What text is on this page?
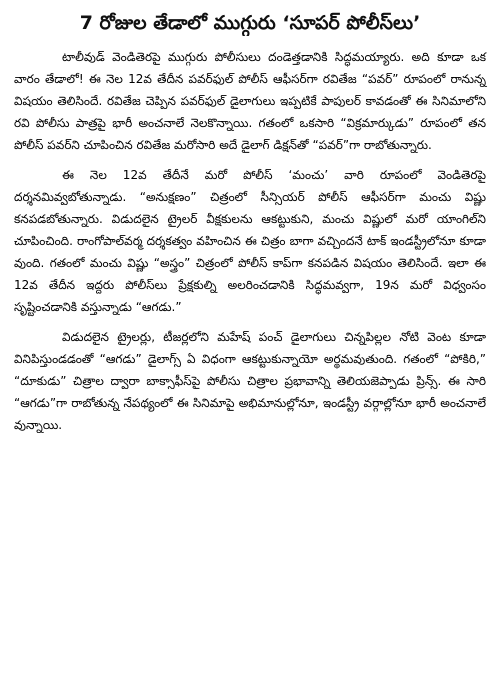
7 రోజుల తేడాలో ముగ్గురు ‘సూపర్ పోలీస్‌లు’

టాలీవుడ్ వెండితెరపై ముగ్గురు పోలీసులు దండెత్తడానికి సిద్ధమయ్యారు. అది కూడా ఒక వారం తేడాలో! ఈ నెల 12వ తేదీన పవర్‌ఫుల్ పోలీస్ ఆఫీసర్‌గా రవితేజ “పవర్” రూపంలో రానున్న విషయం తెలిసిందే. రవితేజ చెప్పిన పవర్‌ఫుల్ డైలాగులు ఇప్పటికే పాపులర్ కావడంతో ఈ సినిమాలోని రవి పోలీసు పాత్రపై భారీ అంచనాలే నెలకొన్నాయి. గతంలో ఒకసారి “విక్రమార్కుడు” రూపంలో తన పోలీస్ పవర్‌ని చూపించిన రవితేజ మరోసారి అదే డైలాగ్ డిక్షన్‌తో “పవర్”గా రాబోతున్నారు.

ఈ నెల 12వ తేదీనే మరో పోలీస్ ‘మంచు’ వారి రూపంలో వెండితెరపై దర్శనమివ్వబోతున్నాడు. “అనుక్షణం” చిత్రంలో సీన్సియర్ పోలీస్ ఆఫీసర్‌గా మంచు విష్ణు కనపడబోతున్నారు. విడుదలైన ట్రైలర్ వీక్షకులను ఆకట్టుకుని, మంచు విష్ణులో మరో యాంగిల్‌ని చూపించింది. రాంగోపాల్‌వర్మ దర్శకత్వం వహించిన ఈ చిత్రం బాగా వచ్చిందనే టాక్ ఇండస్ట్రీలోనూ కూడా వుంది. గతంలో మంచు విష్ణు “అస్త్రం” చిత్రంలో పోలీస్ కాప్‌గా కనపడిన విషయం తెలిసిందే. ఇలా ఈ 12వ తేదీన ఇద్దరు పోలీస్‌లు ప్రేక్షకుల్ని అలరించడానికి సిద్ధమవ్వగా, 19న మరో విధ్వంసం సృష్టించడానికి వస్తున్నాడు “ఆగడు.”

విడుదలైన ట్రైలర్లు, టీజర్లలోని మహేష్ పంచ్ డైలాగులు చిన్నపిల్లల నోటి వెంట కూడా వినిపిస్తుండడంతో “ఆగడు” డైలాగ్స్ ఏ విధంగా ఆకట్టుకున్నాయో అర్థమవుతుంది. గతంలో “పోకిరి,” “దూకుడు” చిత్రాల ద్వారా బాక్సాఫీస్‌పై పోలీసు చిత్రాల ప్రభావాన్ని తెలియజెప్పాడు ప్రిన్స్. ఈ సారి “ఆగడు”గా రాబోతున్న నేపథ్యంలో ఈ సినిమాపై అభిమానుల్లోనూ, ఇండస్ట్రీ వర్గాల్లోనూ భారీ అంచనాలే వున్నాయి.
